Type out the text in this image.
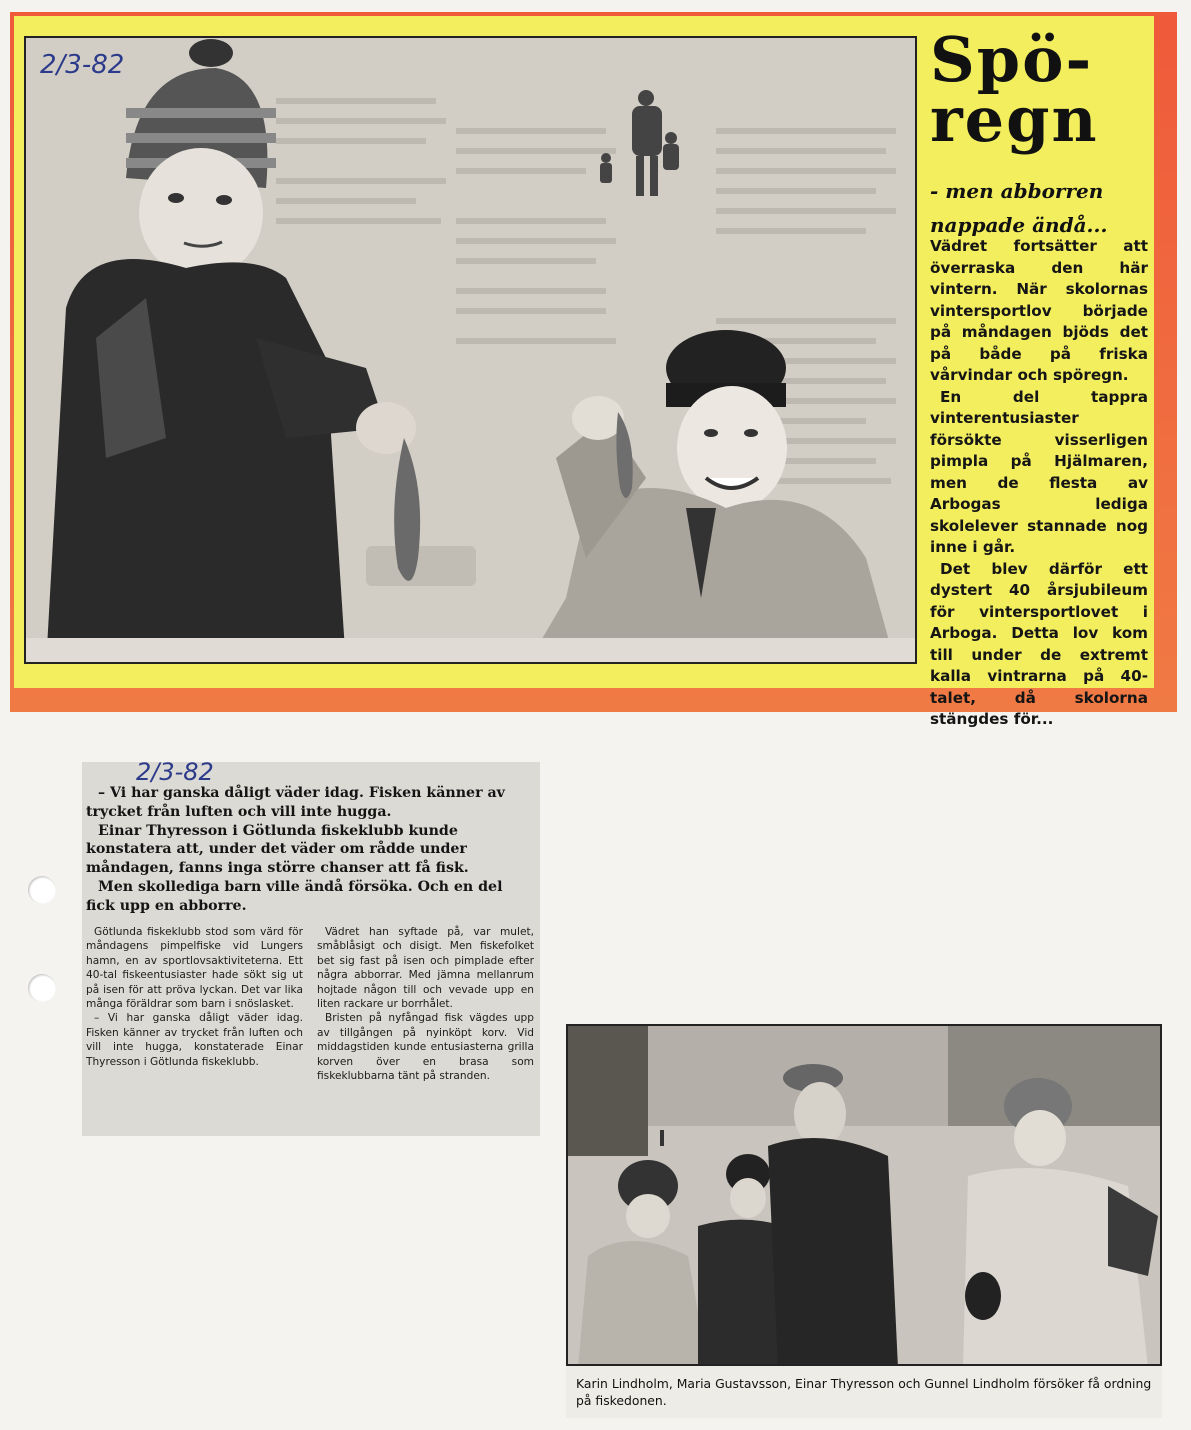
2/3-82	Spö-
regn
- men abborren
nappade ändå...

Vädret fortsätter att överraska den här vintern. När skolornas vintersportlov började på måndagen bjöds det på både på friska vårvindar och spöregn.

En del tappra vinterentusiaster försökte visserligen pimpla på Hjälmaren, men de flesta av Arbogas lediga skolelever stannade nog inne i går.

Det blev därför ett dystert 40 årsjubileum för vintersportlovet i Arboga. Detta lov kom till under de extremt kalla vintrarna på 40-talet, då skolorna stängdes för...

2/3-82

– Vi har ganska dåligt väder idag. Fisken känner av trycket från luften och vill inte hugga.

Einar Thyresson i Götlunda fiskeklubb kunde konstatera att, under det väder om rådde under måndagen, fanns inga större chanser att få fisk.

Men skollediga barn ville ändå försöka. Och en del fick upp en abborre.

Götlunda fiskeklubb stod som värd för måndagens pimpelfiske vid Lungers hamn, en av sportlovsaktiviteterna. Ett 40-tal fiskeentusiaster hade sökt sig ut på isen för att pröva lyckan. Det var lika många föräldrar som barn i snöslasket.

– Vi har ganska dåligt väder idag. Fisken känner av trycket från luften och vill inte hugga, konstaterade Einar Thyresson i Götlunda fiskeklubb.

Vädret han syftade på, var mulet, småblåsigt och disigt. Men fiskefolket bet sig fast på isen och pimplade efter några abborrar. Med jämna mellanrum hojtade någon till och vevade upp en liten rackare ur borrhålet.

Bristen på nyfångad fisk vägdes upp av tillgången på nyinköpt korv. Vid middagstiden kunde entusiasterna grilla korven över en brasa som fiskeklubbarna tänt på stranden.

Karin Lindholm, Maria Gustavsson, Einar Thyresson och Gunnel Lindholm försöker få ordning på fiskedonen.
